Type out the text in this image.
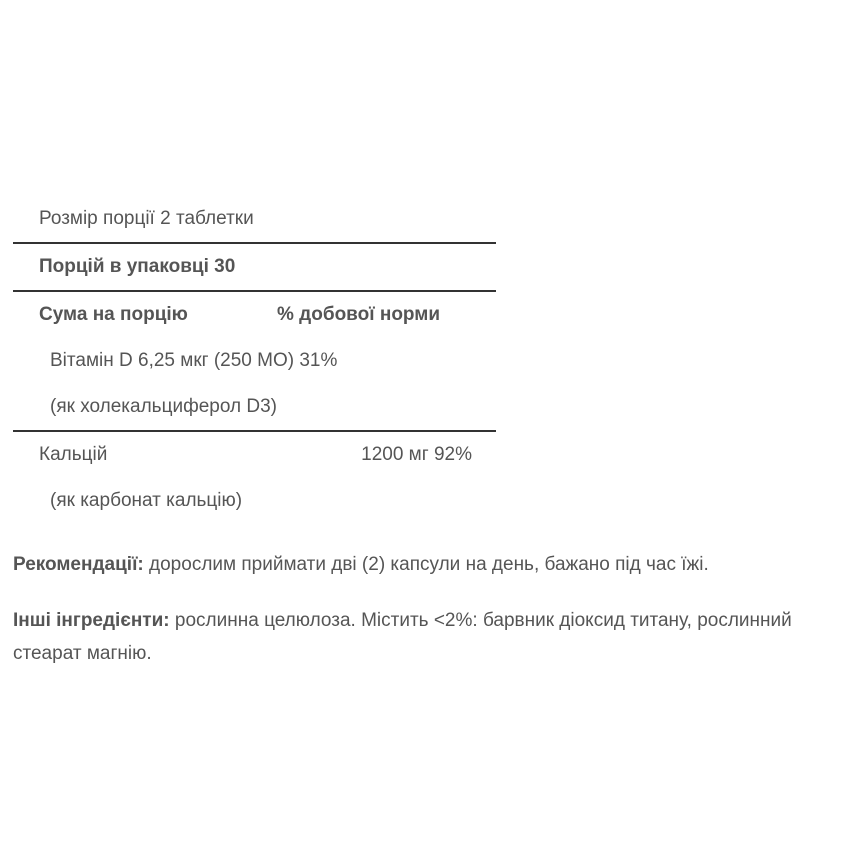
Розмір порції 2 таблетки
Порцій в упаковці 30
Сума на порцію	% добової норми
Вітамін D 6,25 мкг (250 МО) 31%
(як холекальциферол D3)
Кальцій	1200 мг 92%
(як карбонат кальцію)
Рекомендації: дорослим приймати дві (2) капсули на день, бажано під час їжі.
Інші інгредієнти: рослинна целюлоза. Містить <2%: барвник діоксид титану, рослинний стеарат магнію.
